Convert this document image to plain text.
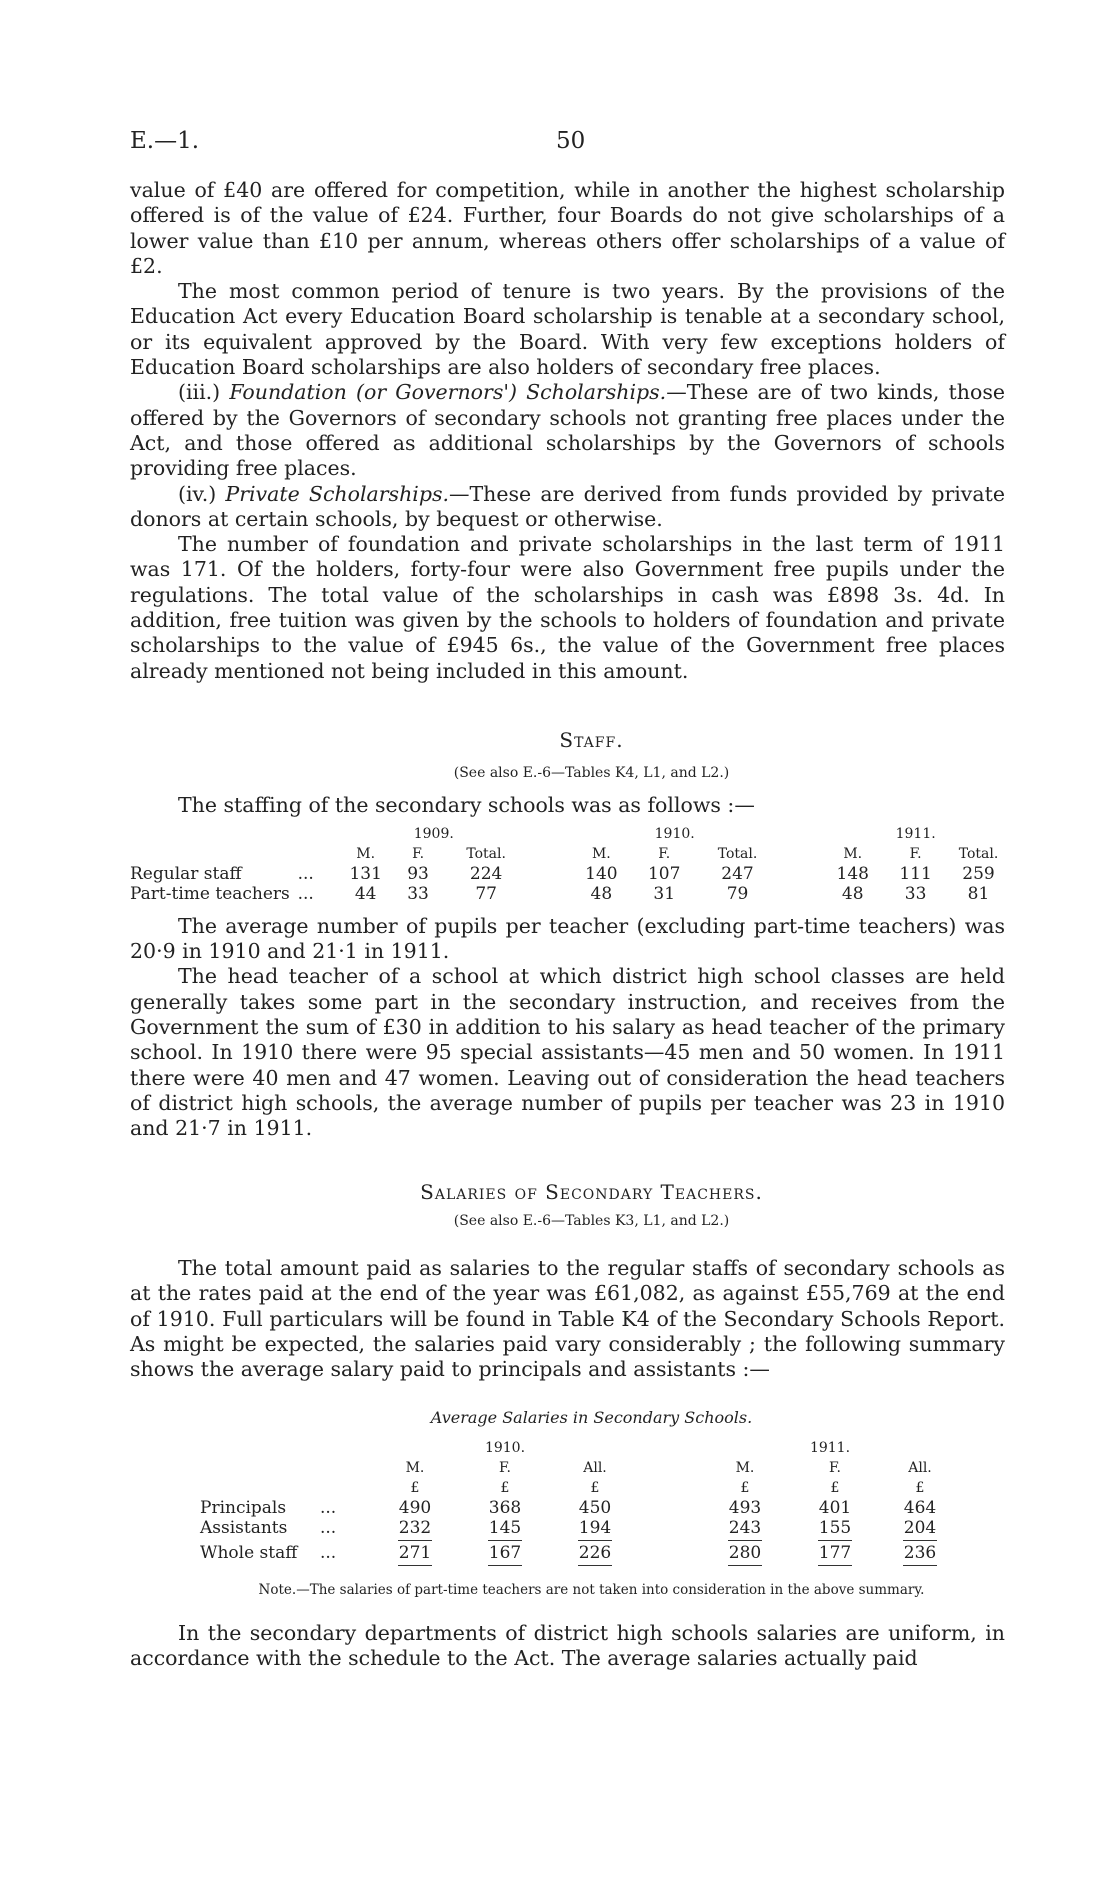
E.—1.	50

value of £40 are offered for competition, while in another the highest scholarship offered is of the value of £24. Further, four Boards do not give scholarships of a lower value than £10 per annum, whereas others offer scholarships of a value of £2.

The most common period of tenure is two years. By the provisions of the Education Act every Education Board scholarship is tenable at a secondary school, or its equivalent approved by the Board. With very few exceptions holders of Education Board scholarships are also holders of secondary free places.

(iii.) Foundation (or Governors') Scholarships.—These are of two kinds, those offered by the Governors of secondary schools not granting free places under the Act, and those offered as additional scholarships by the Governors of schools providing free places.

(iv.) Private Scholarships.—These are derived from funds provided by private donors at certain schools, by bequest or otherwise.

The number of foundation and private scholarships in the last term of 1911 was 171. Of the holders, forty-four were also Government free pupils under the regulations. The total value of the scholarships in cash was £898 3s. 4d. In addition, free tuition was given by the schools to holders of foundation and private scholarships to the value of £945 6s., the value of the Government free places already mentioned not being included in this amount.

Staff.

(See also E.-6—Tables K4, L1, and L2.)

The staffing of the secondary schools was as follows :—

		1909.				1910.				1911.		
		M.	F.	Total.		M.	F.	Total.		M.	F.	Total.
Regular staff	...	131	93	224		140	107	247		148	111	259
Part-time teachers	...	44	33	77		48	31	79		48	33	81

The average number of pupils per teacher (excluding part-time teachers) was 20·9 in 1910 and 21·1 in 1911.

The head teacher of a school at which district high school classes are held generally takes some part in the secondary instruction, and receives from the Government the sum of £30 in addition to his salary as head teacher of the primary school. In 1910 there were 95 special assistants—45 men and 50 women. In 1911 there were 40 men and 47 women. Leaving out of consideration the head teachers of district high schools, the average number of pupils per teacher was 23 in 1910 and 21·7 in 1911.

Salaries of Secondary Teachers.

(See also E.-6—Tables K3, L1, and L2.)

The total amount paid as salaries to the regular staffs of secondary schools as at the rates paid at the end of the year was £61,082, as against £55,769 at the end of 1910. Full particulars will be found in Table K4 of the Secondary Schools Report. As might be expected, the salaries paid vary considerably ; the following summary shows the average salary paid to principals and assistants :—

Average Salaries in Secondary Schools.

		1910.				1911.		
		M.	F.	All.		M.	F.	All.
		£	£	£		£	£	£
Principals	...	490	368	450		493	401	464
Assistants	...	232	145	194		243	155	204

Whole staff	...	271	167	226		280	177	236

Note.—The salaries of part-time teachers are not taken into consideration in the above summary.

In the secondary departments of district high schools salaries are uniform, in accordance with the schedule to the Act. The average salaries actually paid
